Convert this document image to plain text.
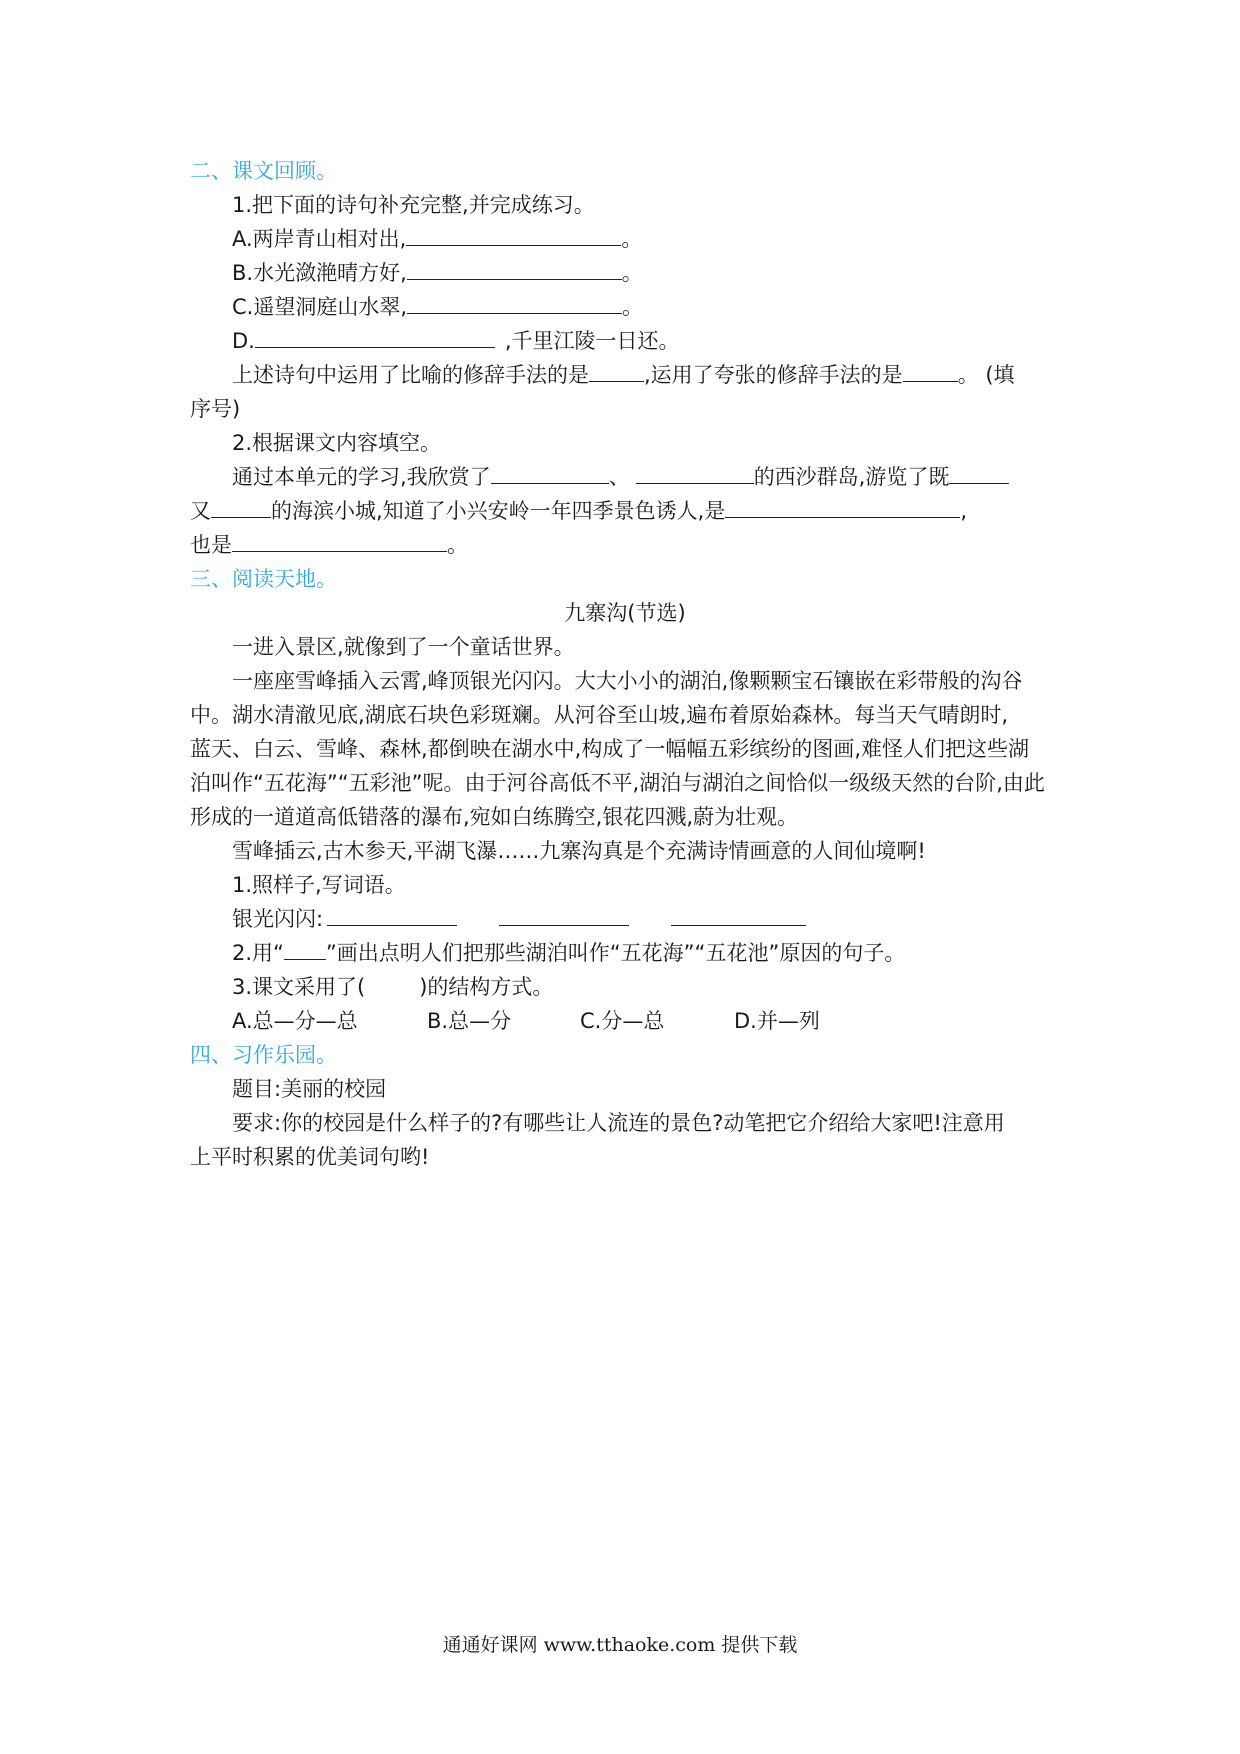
二、课文回顾。
1.把下面的诗句补充完整,并完成练习。
A.两岸青山相对出,	。
B.水光潋滟晴方好,	。
C.遥望洞庭山水翠,	。
D.	,千里江陵一日还。
上述诗句中运用了比喻的修辞手法的是	,运用了夸张的修辞手法的是	。 (填
序号)
2.根据课文内容填空。
通过本单元的学习,我欣赏了	、	的西沙群岛,游览了既
又	的海滨小城,知道了小兴安岭一年四季景色诱人,是	,
也是	。
三、阅读天地。
九寨沟(节选)
一进入景区,就像到了一个童话世界。
一座座雪峰插入云霄,峰顶银光闪闪。大大小小的湖泊,像颗颗宝石镶嵌在彩带般的沟谷
中。湖水清澈见底,湖底石块色彩斑斓。从河谷至山坡,遍布着原始森林。每当天气晴朗时,
蓝天、白云、雪峰、森林,都倒映在湖水中,构成了一幅幅五彩缤纷的图画,难怪人们把这些湖
泊叫作“五花海”“五彩池”呢。由于河谷高低不平,湖泊与湖泊之间恰似一级级天然的台阶,由此
形成的一道道高低错落的瀑布,宛如白练腾空,银花四溅,蔚为壮观。
雪峰插云,古木参天,平湖飞瀑……九寨沟真是个充满诗情画意的人间仙境啊!
1.照样子,写词语。
银光闪闪:
2.用“ ”画出点明人们把那些湖泊叫作“五花海”“五花池”原因的句子。
3.课文采用了(	)的结构方式。
A.总—分—总	B.总—分	C.分—总	D.并—列
四、习作乐园。
题目:美丽的校园
要求:你的校园是什么样子的?有哪些让人流连的景色?动笔把它介绍给大家吧!注意用
上平时积累的优美词句哟!
通通好课网 www.tthaoke.com 提供下载
